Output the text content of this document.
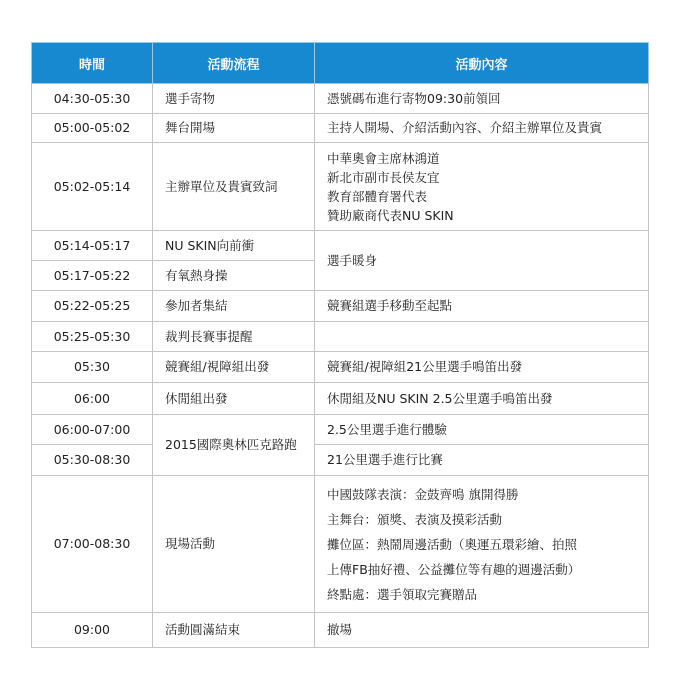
時間	活動流程	活動內容
04:30-05:30	選手寄物	憑號碼布進行寄物09:30前領回
05:00-05:02	舞台開場	主持人開場、介紹活動內容、介紹主辦單位及貴賓
05:02-05:14	主辦單位及貴賓致詞	中華奧會主席林鴻道
新北市副市長侯友宜
教育部體育署代表
贊助廠商代表NU SKIN

05:14-05:17	NU SKIN向前衝	選手暖身
05:17-05:22	有氧熱身操	
05:22-05:25	參加者集結	競賽組選手移動至起點
05:25-05:30	裁判長賽事提醒	
05:30	競賽組/視障組出發	競賽組/視障組21公里選手鳴笛出發
06:00	休閒組出發	休閒組及NU SKIN 2.5公里選手鳴笛出發
06:00-07:00	2015國際奧林匹克路跑	2.5公里選手進行體驗
05:30-08:30		21公里選手進行比賽
07:00-08:30	現場活動	中國鼓隊表演：金鼓齊鳴 旗開得勝
主舞台：頒獎、表演及摸彩活動
攤位區：熱鬧周邊活動（奧運五環彩繪、拍照
上傳FB抽好禮、公益攤位等有趣的週邊活動）
終點處：選手領取完賽贈品

09:00	活動圓滿結束	撤場
